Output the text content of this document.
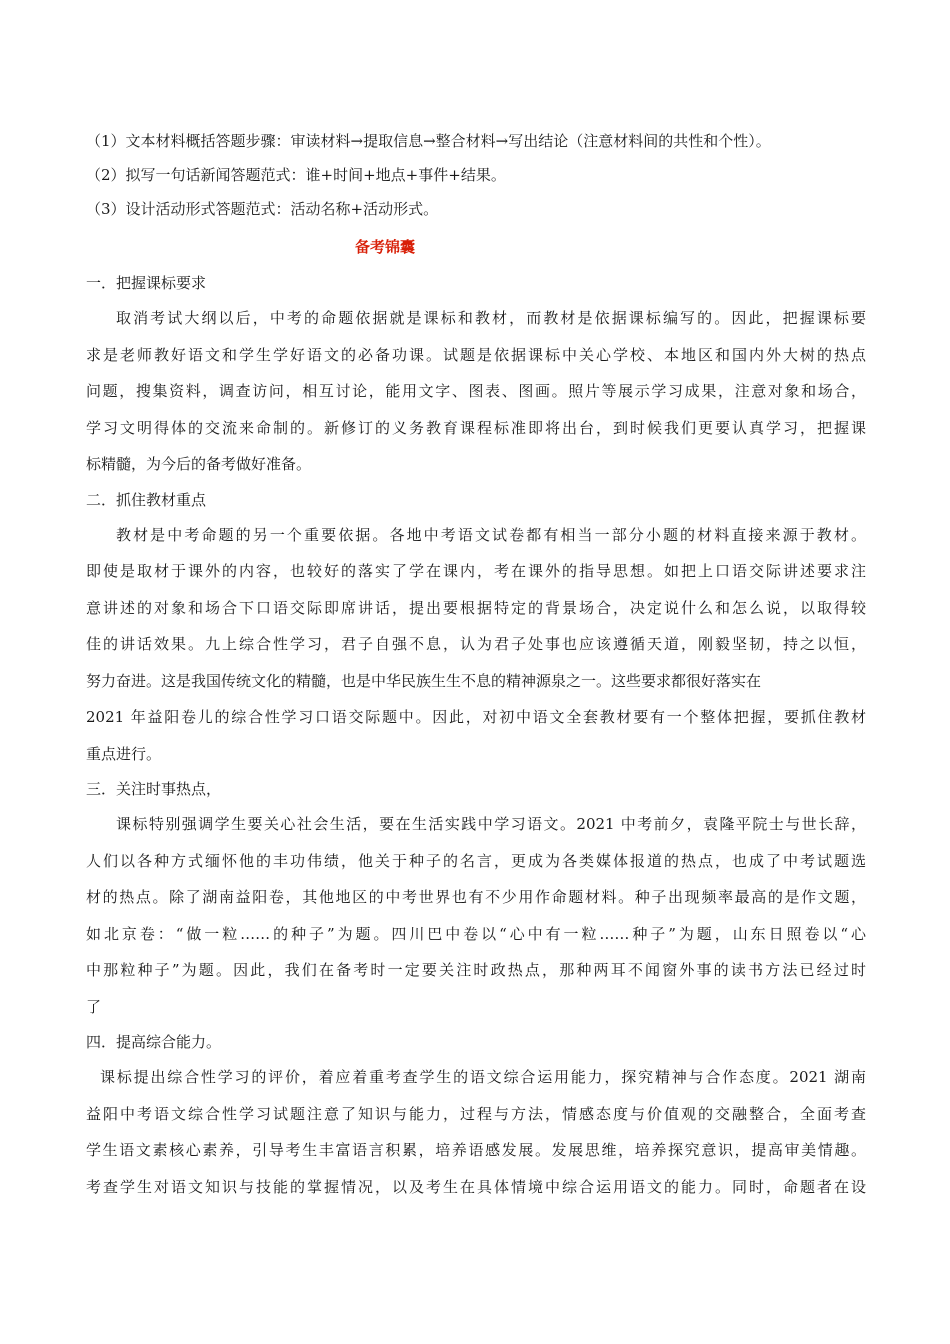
（1）文本材料概括答题步骤：审读材料→提取信息→整合材料→写出结论（注意材料间的共性和个性）。
（2）拟写一句话新闻答题范式：谁+时间+地点+事件+结果。
（3）设计活动形式答题范式：活动名称+活动形式。
备考锦囊
一．把握课标要求
取消考试大纲以后，中考的命题依据就是课标和教材，而教材是依据课标编写的。因此，把握课标要
求是老师教好语文和学生学好语文的必备功课。试题是依据课标中关心学校、本地区和国内外大树的热点
问题，搜集资料，调查访问，相互讨论，能用文字、图表、图画。照片等展示学习成果，注意对象和场合，
学习文明得体的交流来命制的。新修订的义务教育课程标准即将出台，到时候我们更要认真学习，把握课
标精髓，为今后的备考做好准备。
二．抓住教材重点
教材是中考命题的另一个重要依据。各地中考语文试卷都有相当一部分小题的材料直接来源于教材。
即使是取材于课外的内容，也较好的落实了学在课内，考在课外的指导思想。如把上口语交际讲述要求注
意讲述的对象和场合下口语交际即席讲话，提出要根据特定的背景场合，决定说什么和怎么说，以取得较
佳的讲话效果。九上综合性学习，君子自强不息，认为君子处事也应该遵循天道，刚毅坚韧，持之以恒，
努力奋进。这是我国传统文化的精髓，也是中华民族生生不息的精神源泉之一。这些要求都很好落实在
2021 年益阳卷儿的综合性学习口语交际题中。因此，对初中语文全套教材要有一个整体把握，要抓住教材
重点进行。
三．关注时事热点，
课标特别强调学生要关心社会生活，要在生活实践中学习语文。2021 中考前夕，袁隆平院士与世长辞，
人们以各种方式缅怀他的丰功伟绩，他关于种子的名言，更成为各类媒体报道的热点，也成了中考试题选
材的热点。除了湖南益阳卷，其他地区的中考世界也有不少用作命题材料。种子出现频率最高的是作文题，
如北京卷：“做一粒……的种子”为题。四川巴中卷以“心中有一粒……种子”为题，山东日照卷以“心
中那粒种子”为题。因此，我们在备考时一定要关注时政热点，那种两耳不闻窗外事的读书方法已经过时
了
四．提高综合能力。
课标提出综合性学习的评价，着应着重考查学生的语文综合运用能力，探究精神与合作态度。2021 湖南
益阳中考语文综合性学习试题注意了知识与能力，过程与方法，情感态度与价值观的交融整合，全面考查
学生语文素核心素养，引导考生丰富语言积累，培养语感发展。发展思维，培养探究意识，提高审美情趣。
考查学生对语文知识与技能的掌握情况，以及考生在具体情境中综合运用语文的能力。同时，命题者在设
